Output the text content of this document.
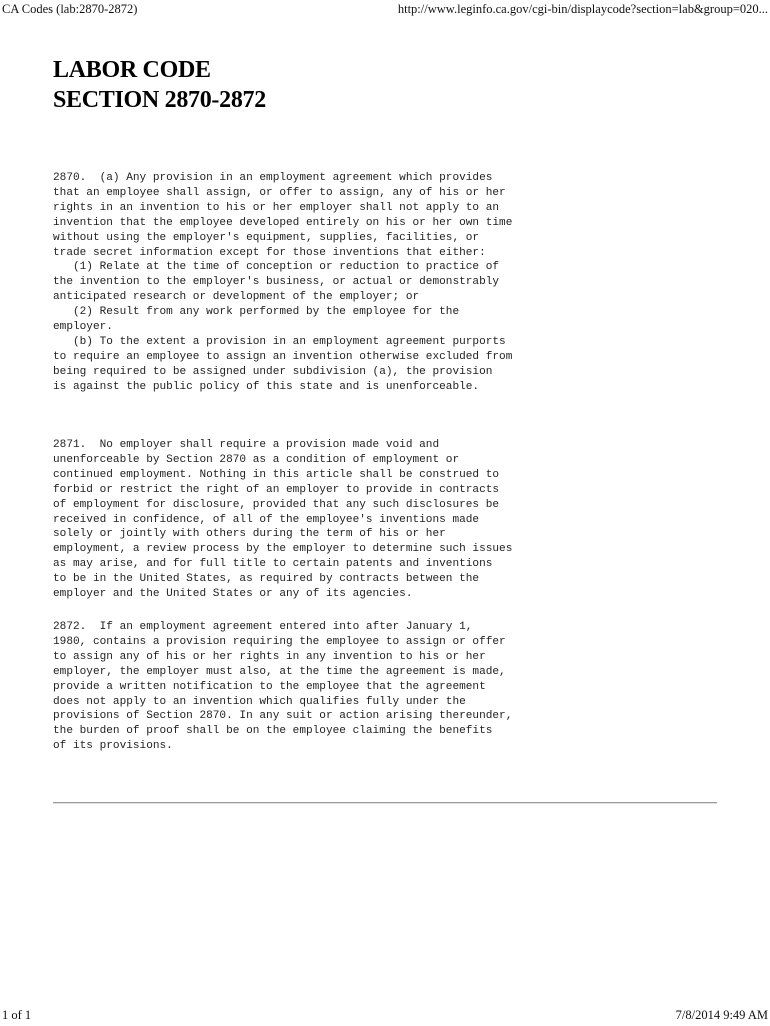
CA Codes (lab:2870-2872)	http://www.leginfo.ca.gov/cgi-bin/displaycode?section=lab&group=020...
LABOR CODE
SECTION 2870-2872
2870.  (a) Any provision in an employment agreement which provides
that an employee shall assign, or offer to assign, any of his or her
rights in an invention to his or her employer shall not apply to an
invention that the employee developed entirely on his or her own time
without using the employer's equipment, supplies, facilities, or
trade secret information except for those inventions that either:
(1) Relate at the time of conception or reduction to practice of
the invention to the employer's business, or actual or demonstrably
anticipated research or development of the employer; or
(2) Result from any work performed by the employee for the
employer.
(b) To the extent a provision in an employment agreement purports
to require an employee to assign an invention otherwise excluded from
being required to be assigned under subdivision (a), the provision
is against the public policy of this state and is unenforceable.
2871.  No employer shall require a provision made void and
unenforceable by Section 2870 as a condition of employment or
continued employment. Nothing in this article shall be construed to
forbid or restrict the right of an employer to provide in contracts
of employment for disclosure, provided that any such disclosures be
received in confidence, of all of the employee's inventions made
solely or jointly with others during the term of his or her
employment, a review process by the employer to determine such issues
as may arise, and for full title to certain patents and inventions
to be in the United States, as required by contracts between the
employer and the United States or any of its agencies.
2872.  If an employment agreement entered into after January 1,
1980, contains a provision requiring the employee to assign or offer
to assign any of his or her rights in any invention to his or her
employer, the employer must also, at the time the agreement is made,
provide a written notification to the employee that the agreement
does not apply to an invention which qualifies fully under the
provisions of Section 2870. In any suit or action arising thereunder,
the burden of proof shall be on the employee claiming the benefits
of its provisions.
1 of 1	7/8/2014 9:49 AM
